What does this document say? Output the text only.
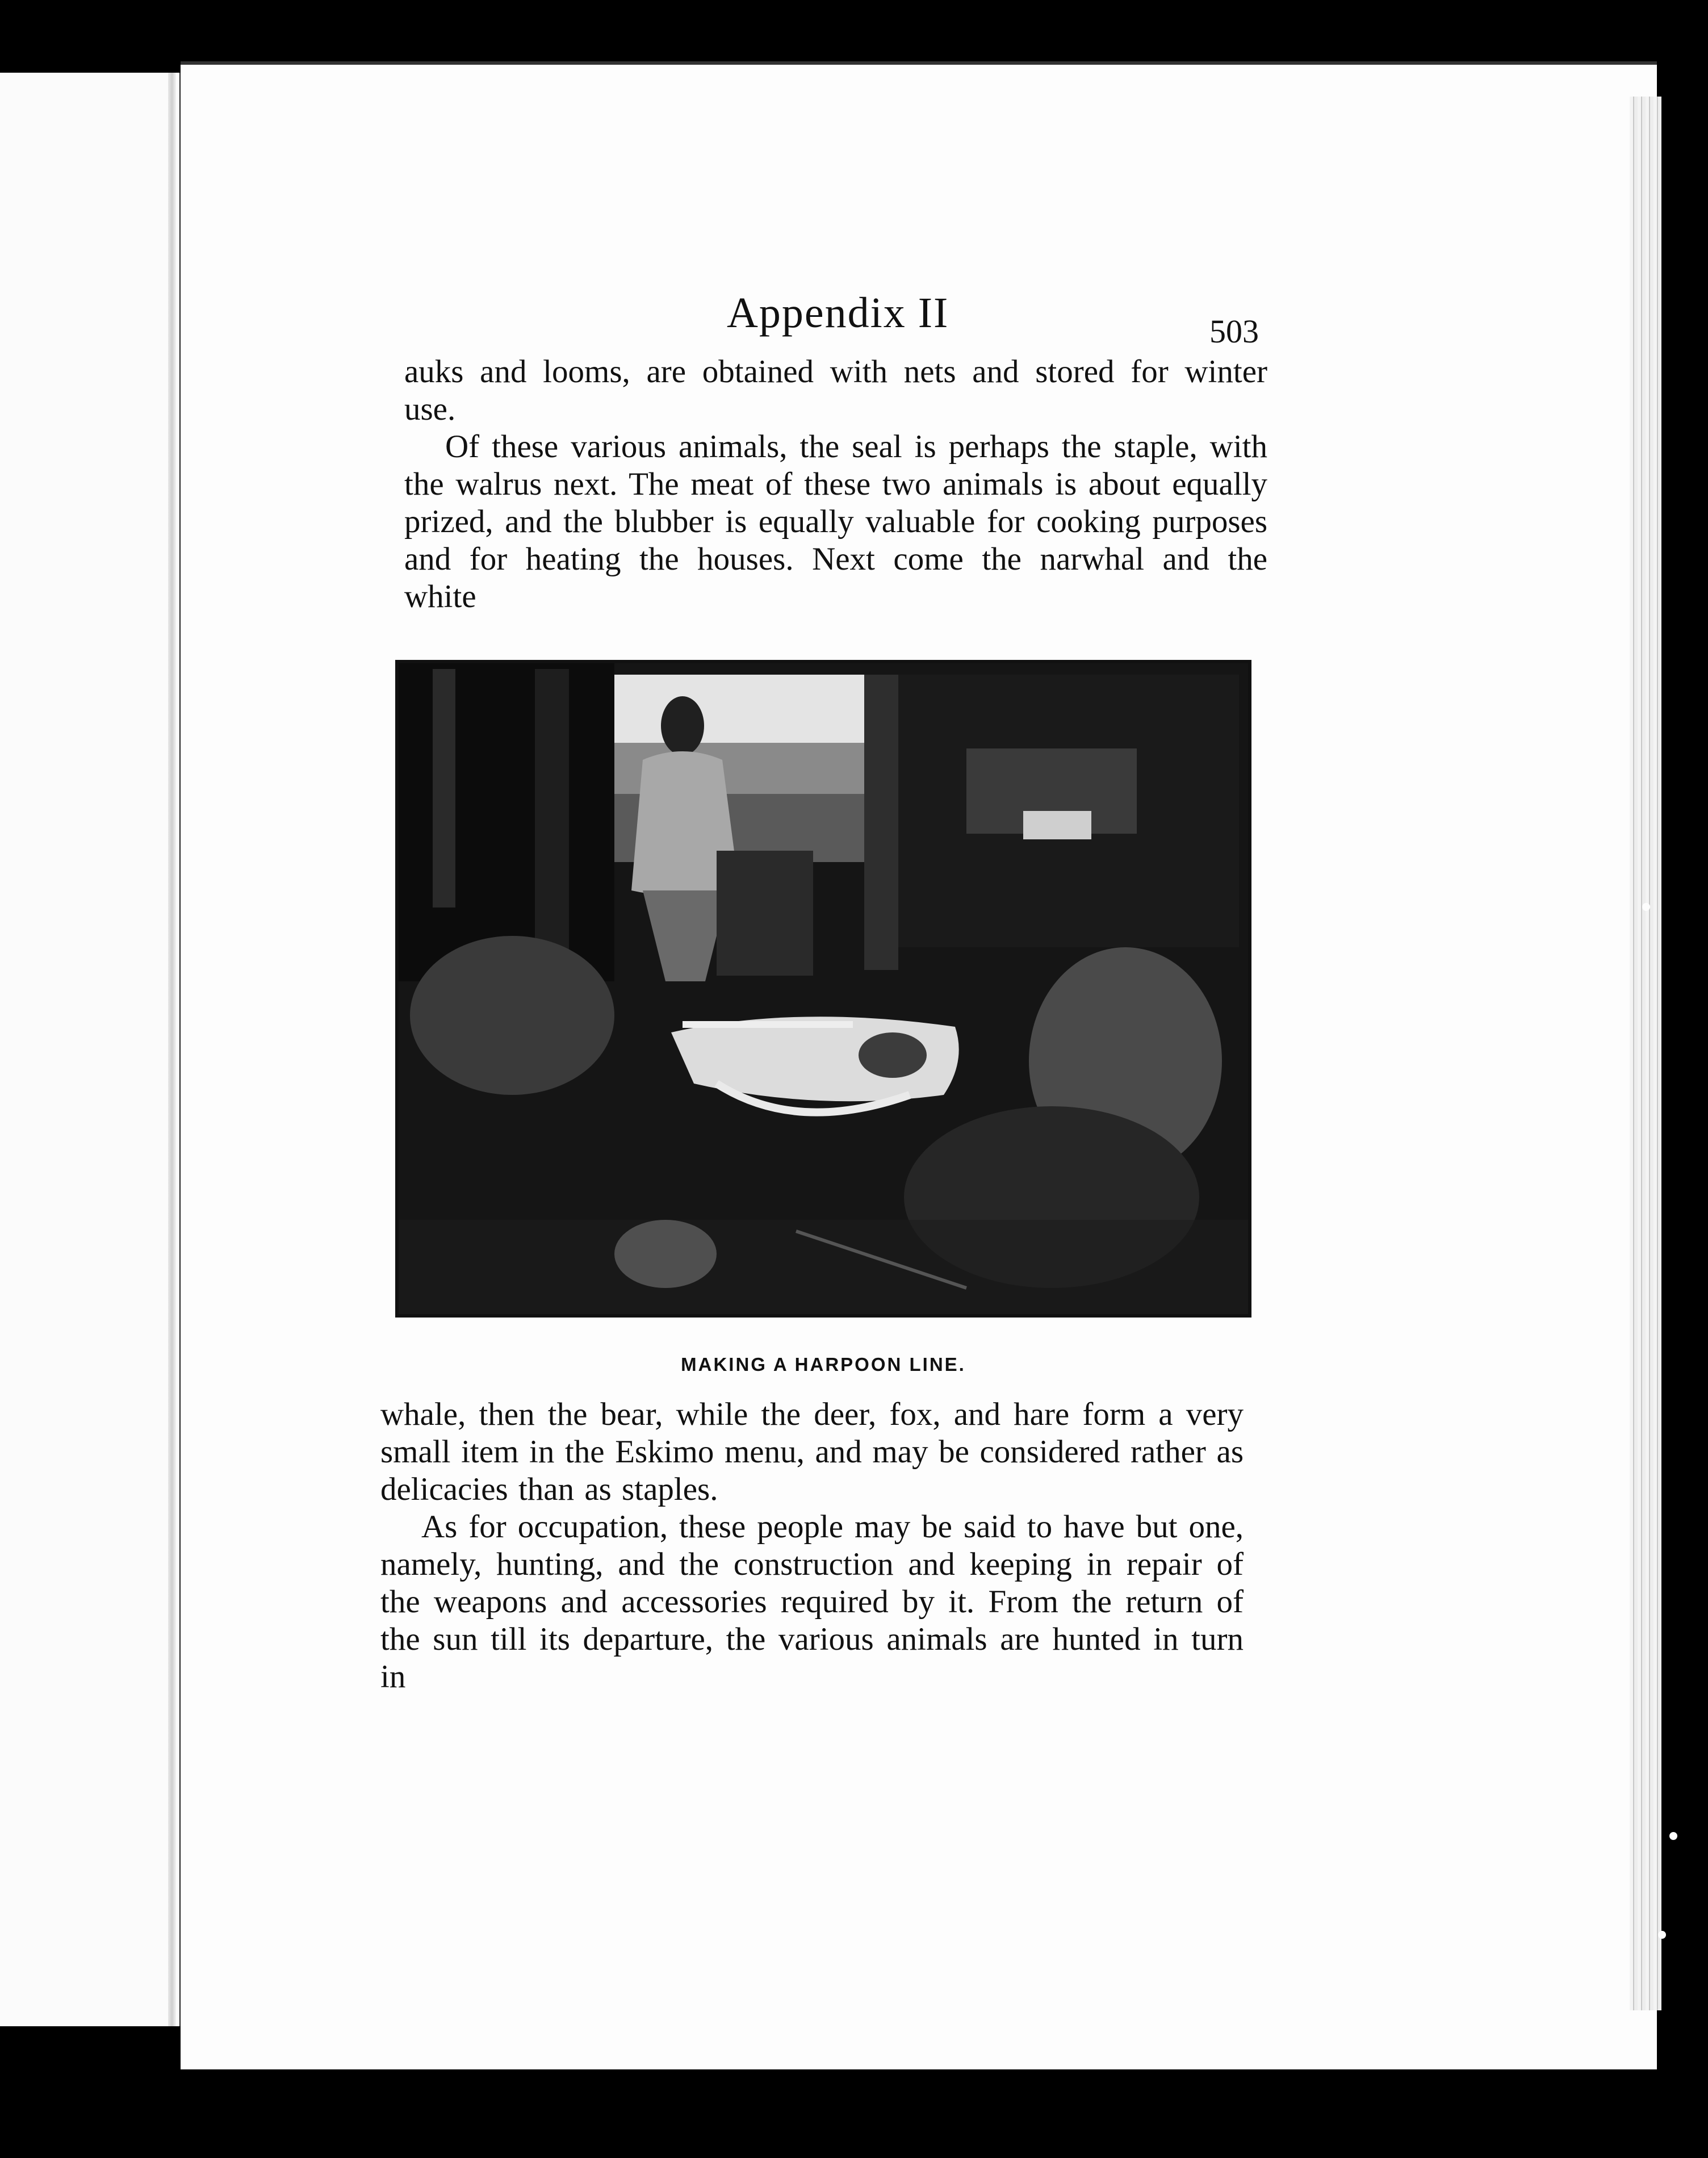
Appendix II	503

auks and looms, are obtained with nets and stored for winter use.

Of these various animals, the seal is perhaps the staple, with the walrus next. The meat of these two animals is about equally prized, and the blubber is equally valuable for cooking purposes and for heating the houses. Next come the narwhal and the white

MAKING A HARPOON LINE.

whale, then the bear, while the deer, fox, and hare form a very small item in the Eskimo menu, and may be considered rather as delicacies than as staples.

As for occupation, these people may be said to have but one, namely, hunting, and the construction and keeping in repair of the weapons and accessories required by it. From the return of the sun till its departure, the various animals are hunted in turn in
